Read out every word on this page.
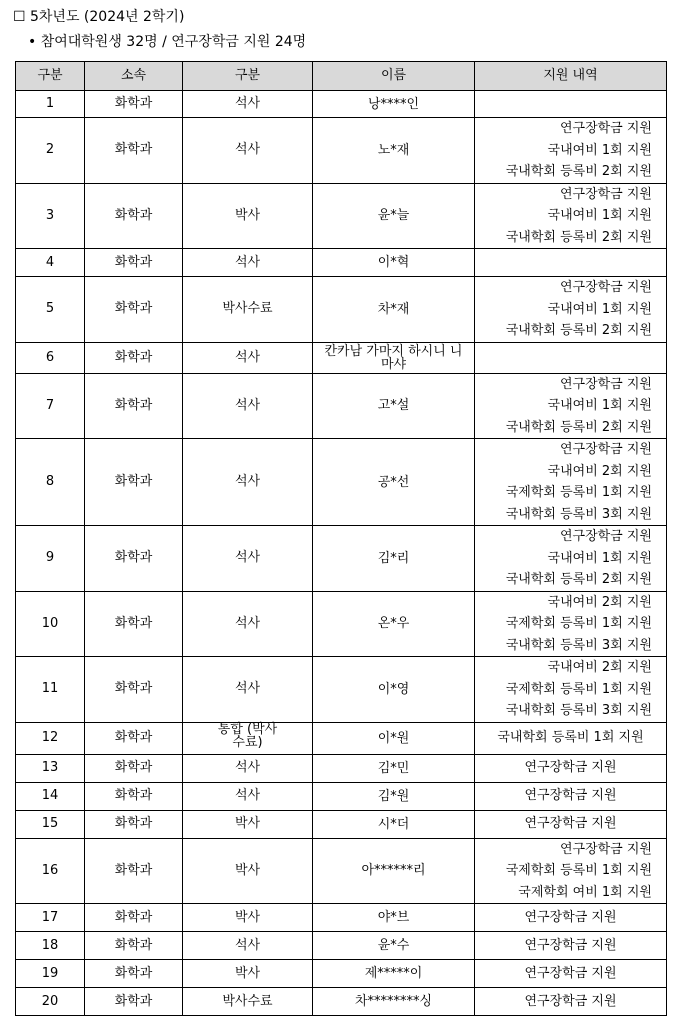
☐ 5차년도 (2024년 2학기)
• 참여대학원생 32명 / 연구장학금 지원 24명
구분	소속	구분	이름	지원 내역
1	화학과	석사	낭****인	
2	화학과	석사	노*재	연구장학금 지원
국내여비 1회 지원
국내학회 등록비 2회 지원

3	화학과	박사	윤*늘	연구장학금 지원
국내여비 1회 지원
국내학회 등록비 2회 지원

4	화학과	석사	이*혁	
5	화학과	박사수료	차*재	연구장학금 지원
국내여비 1회 지원
국내학회 등록비 2회 지원

6	화학과	석사	칸카남 가마지 하시니 니마샤	
7	화학과	석사	고*설	연구장학금 지원
국내여비 1회 지원
국내학회 등록비 2회 지원

8	화학과	석사	공*선	연구장학금 지원
국내여비 2회 지원
국제학회 등록비 1회 지원
국내학회 등록비 3회 지원

9	화학과	석사	김*리	연구장학금 지원
국내여비 1회 지원
국내학회 등록비 2회 지원

10	화학과	석사	온*우	국내여비 2회 지원
국제학회 등록비 1회 지원
국내학회 등록비 3회 지원

11	화학과	석사	이*영	국내여비 2회 지원
국제학회 등록비 1회 지원
국내학회 등록비 3회 지원

12	화학과	통합 (박사수료)	이*원	국내학회 등록비 1회 지원

13	화학과	석사	김*민	연구장학금 지원

14	화학과	석사	김*원	연구장학금 지원

15	화학과	박사	시*더	연구장학금 지원

16	화학과	박사	아******리	연구장학금 지원
국제학회 등록비 1회 지원
국제학회 여비 1회 지원

17	화학과	박사	야*브	연구장학금 지원

18	화학과	석사	윤*수	연구장학금 지원

19	화학과	박사	제*****이	연구장학금 지원

20	화학과	박사수료	차********싱	연구장학금 지원
